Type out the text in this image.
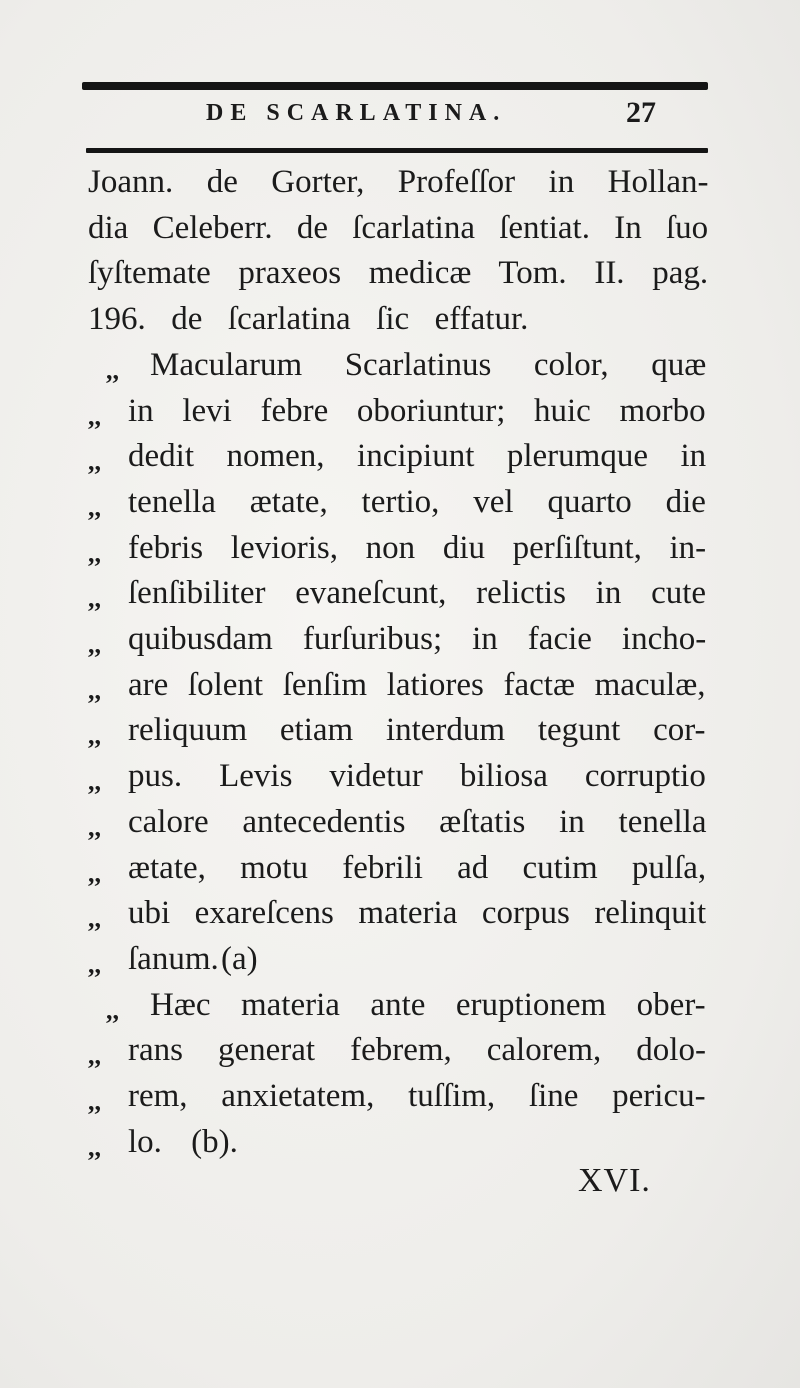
DE SCARLATINA.	27
Joann. de Gorter, Profeſſor in Hollan-
dia Celeberr. de ſcarlatina ſentiat. In ſuo
ſyſtemate praxeos medicæ Tom. II. pag.
196. de ſcarlatina ſic effatur.
,, Macularum Scarlatinus color, quæ
,, in levi febre oboriuntur; huic morbo
,, dedit nomen, incipiunt plerumque in
,, tenella ætate, tertio, vel quarto die
,, febris levioris, non diu perſiſtunt, in-
,, ſenſibiliter evaneſcunt, relictis in cute
,, quibusdam furſuribus; in facie incho-
,, are ſolent ſenſim latiores factæ maculæ,
,, reliquum etiam interdum tegunt cor-
,, pus. Levis videtur biliosa corruptio
,, calore antecedentis æſtatis in tenella
,, ætate, motu febrili ad cutim pulſa,
,, ubi exareſcens materia corpus relinquit
,, ſanum. (a)
,, Hæc materia ante eruptionem ober-
,, rans generat febrem, calorem, dolo-
,, rem, anxietatem, tuſſim, ſine pericu-
,, lo. (b).
XVI.
